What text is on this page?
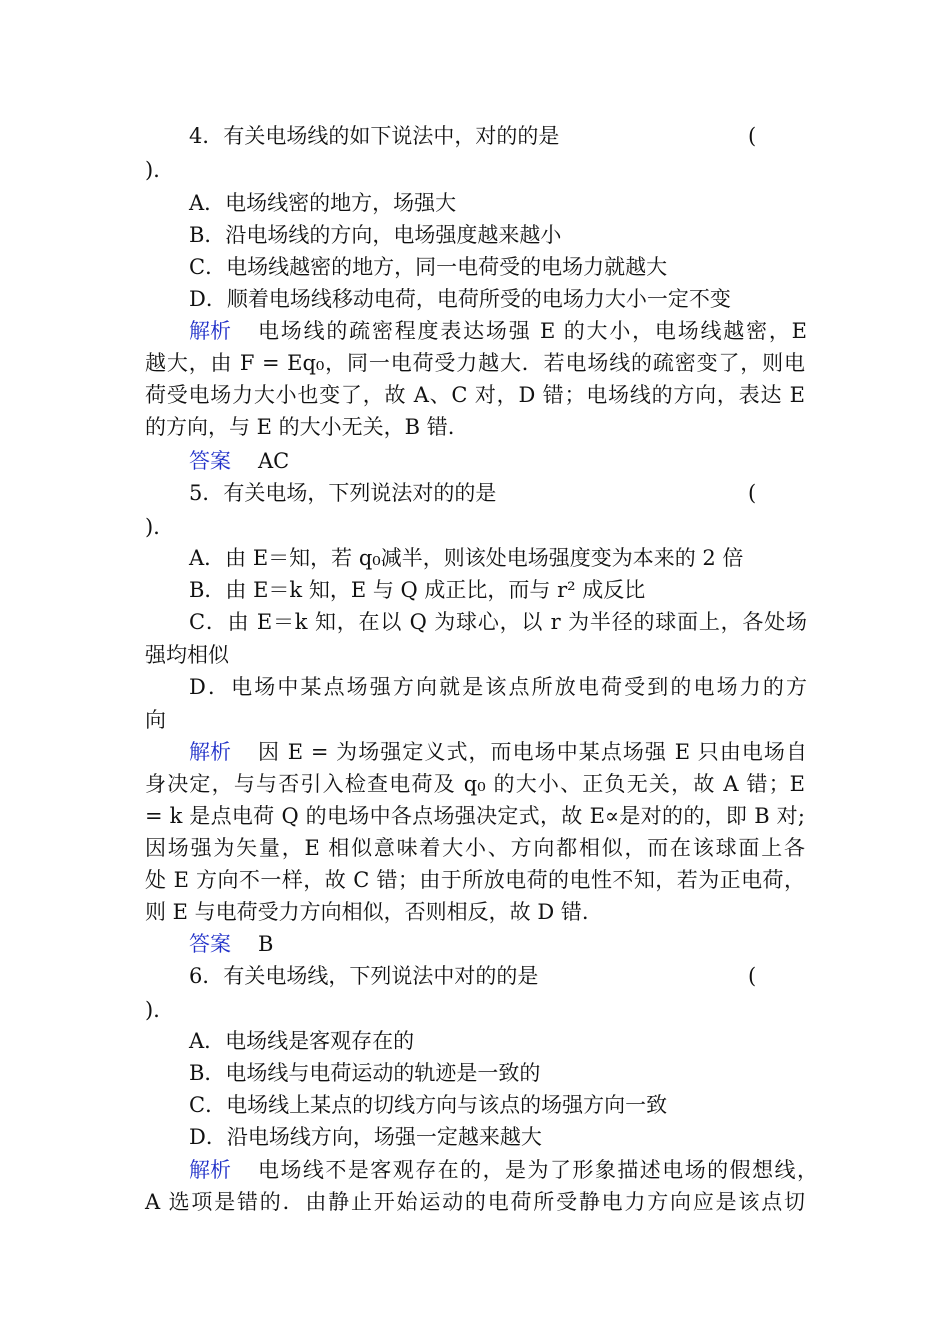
4．有关电场线的如下说法中，对的的是	(
)．
A．电场线密的地方，场强大
B．沿电场线的方向，电场强度越来越小
C．电场线越密的地方，同一电荷受的电场力就越大
D．顺着电场线移动电荷，电荷所受的电场力大小一定不变
解析 电场线的疏密程度表达场强 E 的大小，电场线越密，E
越大，由 F = Eq₀，同一电荷受力越大．若电场线的疏密变了，则电
荷受电场力大小也变了，故 A、C 对，D 错；电场线的方向，表达 E
的方向，与 E 的大小无关，B 错.
答案 AC
5．有关电场，下列说法对的的是	(
)．
A．由 E＝知，若 q₀减半，则该处电场强度变为本来的 2 倍
B．由 E＝k 知，E 与 Q 成正比，而与 r² 成反比
C．由 E＝k 知，在以 Q 为球心，以 r 为半径的球面上，各处场
强均相似
D．电场中某点场强方向就是该点所放电荷受到的电场力的方
向
解析 因 E = 为场强定义式，而电场中某点场强 E 只由电场自
身决定，与与否引入检查电荷及 q₀ 的大小、正负无关，故 A 错；E
= k 是点电荷 Q 的电场中各点场强决定式，故 E∝是对的的，即 B 对;
因场强为矢量，E 相似意味着大小、方向都相似，而在该球面上各
处 E 方向不一样，故 C 错；由于所放电荷的电性不知，若为正电荷，
则 E 与电荷受力方向相似，否则相反，故 D 错.
答案 B
6．有关电场线，下列说法中对的的是	(
)．
A．电场线是客观存在的
B．电场线与电荷运动的轨迹是一致的
C．电场线上某点的切线方向与该点的场强方向一致
D．沿电场线方向，场强一定越来越大
解析 电场线不是客观存在的，是为了形象描述电场的假想线，
A 选项是错的．由静止开始运动的电荷所受静电力方向应是该点切
